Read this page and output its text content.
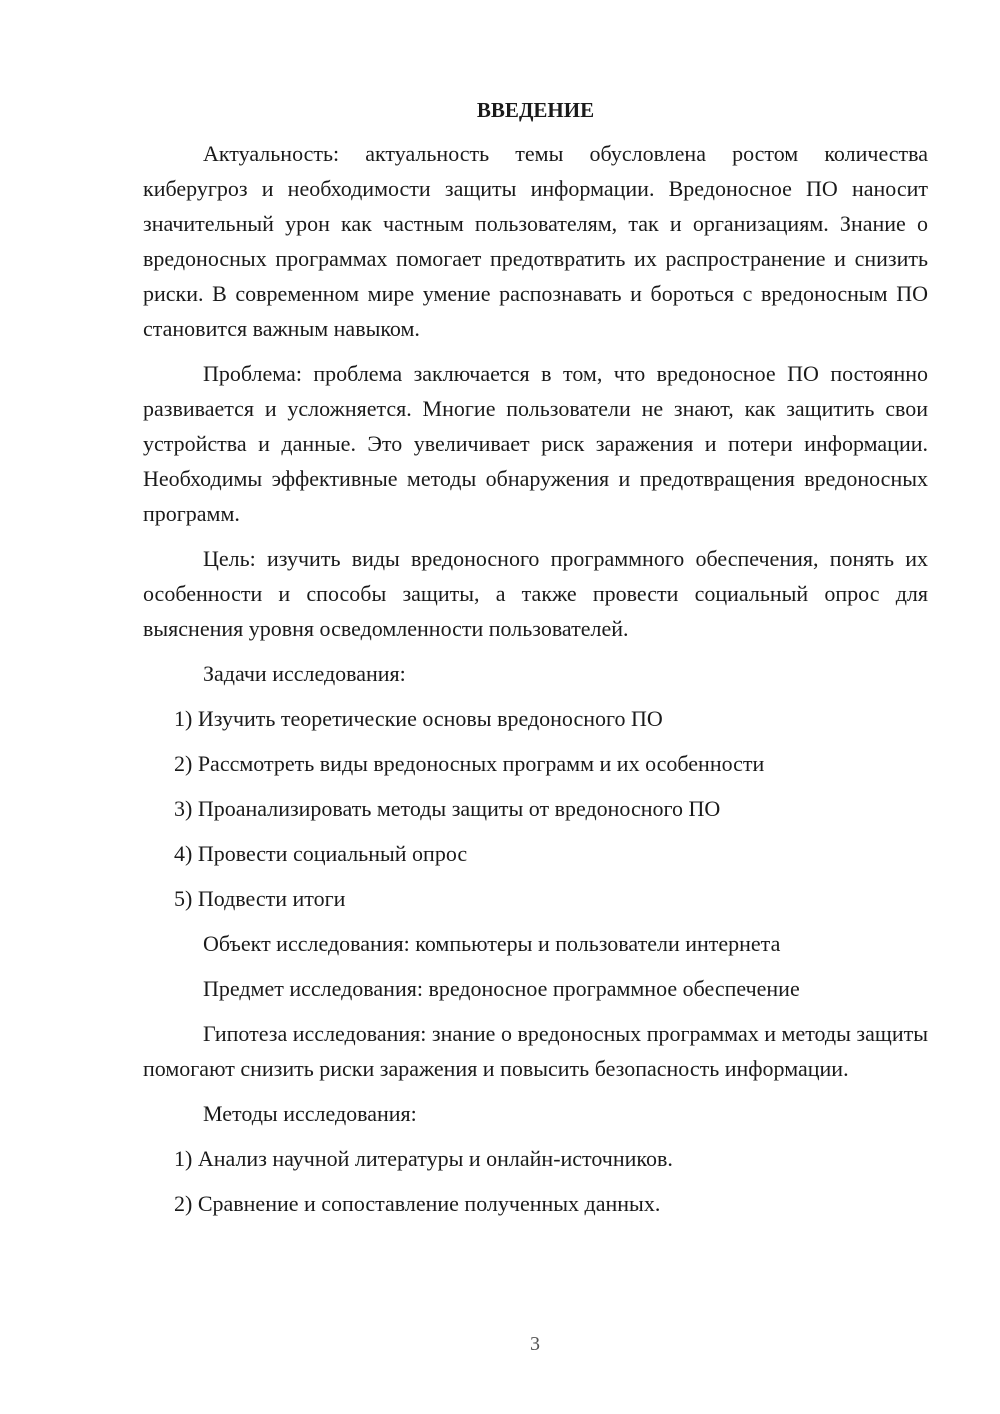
ВВЕДЕНИЕ

Актуальность: актуальность темы обусловлена ростом количества киберугроз и необходимости защиты информации. Вредоносное ПО наносит значительный урон как частным пользователям, так и организациям. Знание о вредоносных программах помогает предотвратить их распространение и снизить риски. В современном мире умение распознавать и бороться с вредоносным ПО становится важным навыком.

Проблема: проблема заключается в том, что вредоносное ПО постоянно развивается и усложняется. Многие пользователи не знают, как защитить свои устройства и данные. Это увеличивает риск заражения и потери информации. Необходимы эффективные методы обнаружения и предотвращения вредоносных программ.

Цель: изучить виды вредоносного программного обеспечения, понять их особенности и способы защиты, а также провести социальный опрос для выяснения уровня осведомленности пользователей.

Задачи исследования:

1) Изучить теоретические основы вредоносного ПО

2) Рассмотреть виды вредоносных программ и их особенности

3) Проанализировать методы защиты от вредоносного ПО

4) Провести социальный опрос

5) Подвести итоги

Объект исследования: компьютеры и пользователи интернета

Предмет исследования: вредоносное программное обеспечение

Гипотеза исследования: знание о вредоносных программах и методы защиты помогают снизить риски заражения и повысить безопасность информации.

Методы исследования:

1) Анализ научной литературы и онлайн-источников.

2) Сравнение и сопоставление полученных данных.

3
